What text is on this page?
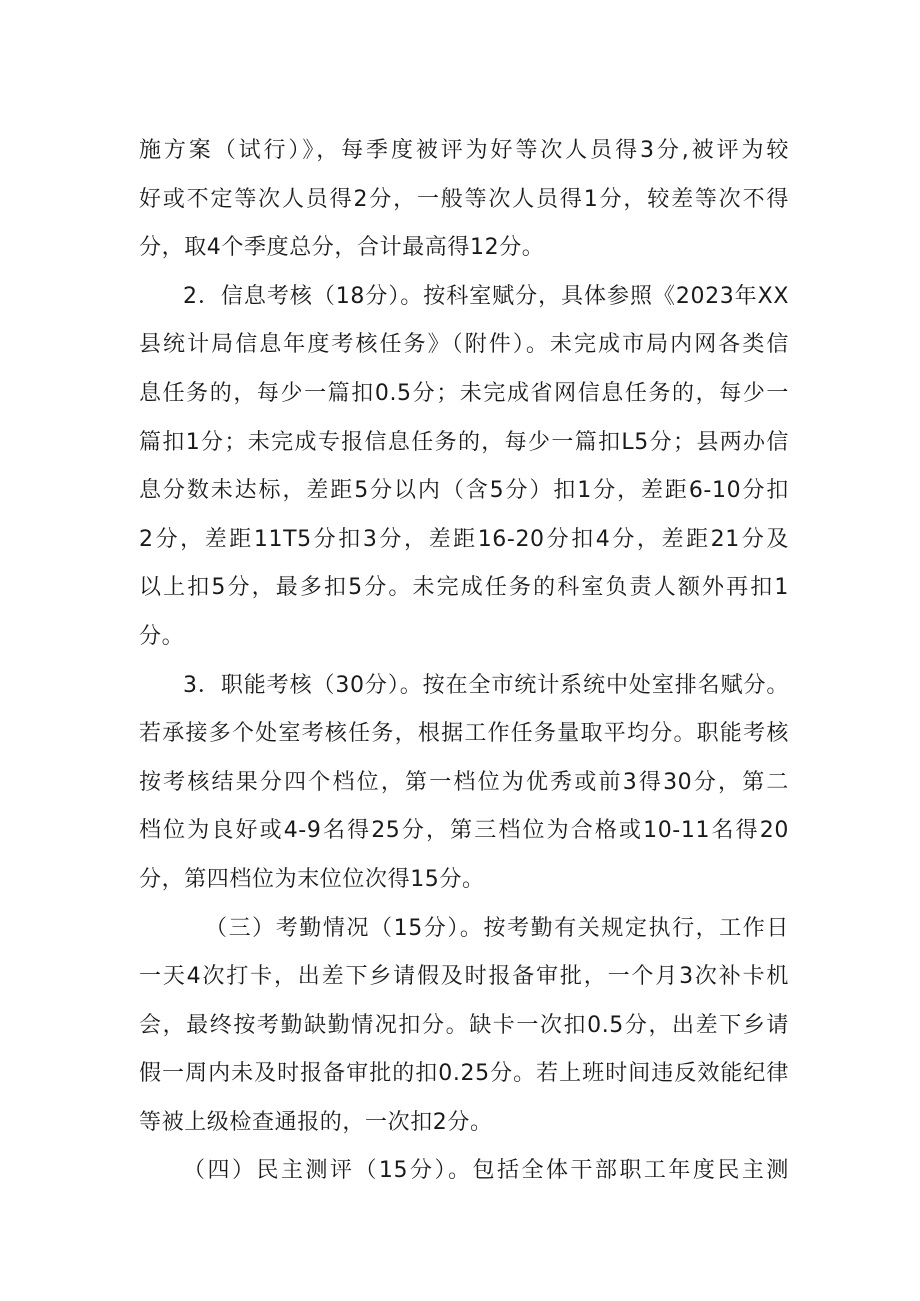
施方案（试行）》，每季度被评为好等次人员得3分,被评为较
好或不定等次人员得2分，一般等次人员得1分，较差等次不得
分，取4个季度总分，合计最高得12分。
2．信息考核（18分）。按科室赋分，具体参照《2023年XX
县统计局信息年度考核任务》（附件）。未完成市局内网各类信
息任务的，每少一篇扣0.5分；未完成省网信息任务的，每少一
篇扣1分；未完成专报信息任务的，每少一篇扣L5分；县两办信
息分数未达标，差距5分以内（含5分）扣1分，差距6-10分扣
2分，差距11T5分扣3分，差距16-20分扣4分，差距21分及
以上扣5分，最多扣5分。未完成任务的科室负责人额外再扣1
分。
3．职能考核（30分）。按在全市统计系统中处室排名赋分。
若承接多个处室考核任务，根据工作任务量取平均分。职能考核
按考核结果分四个档位，第一档位为优秀或前3得30分，第二
档位为良好或4-9名得25分，第三档位为合格或10-11名得20
分，第四档位为末位位次得15分。
（三）考勤情况（15分）。按考勤有关规定执行，工作日
一天4次打卡，出差下乡请假及时报备审批，一个月3次补卡机
会，最终按考勤缺勤情况扣分。缺卡一次扣0.5分，出差下乡请
假一周内未及时报备审批的扣0.25分。若上班时间违反效能纪律
等被上级检查通报的，一次扣2分。
（四）民主测评（15分）。包括全体干部职工年度民主测
